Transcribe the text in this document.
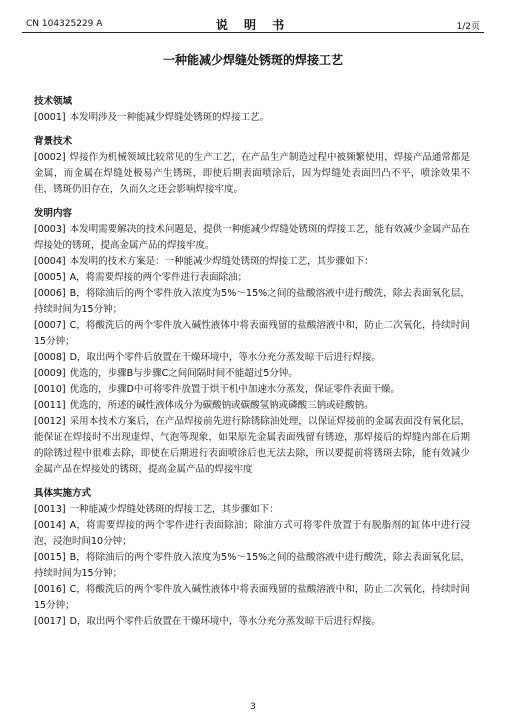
CN 104325229 A	说 明 书	1/2页
一种能减少焊缝处锈斑的焊接工艺
技术领域
[0001] 本发明涉及一种能减少焊缝处锈斑的焊接工艺。
背景技术
[0002] 焊接作为机械领域比较常见的生产工艺，在产品生产制造过程中被频繁使用，焊接产品通常都是金属，而金属在焊缝处极易产生锈斑，即使后期表面喷涂后，因为焊缝处表面凹凸不平，喷涂效果不佳，锈斑仍旧存在，久而久之还会影响焊接牢度。
发明内容
[0003] 本发明需要解决的技术问题是，提供一种能减少焊缝处锈斑的焊接工艺，能有效减少金属产品在焊接处的锈斑，提高金属产品的焊接牢度。
[0004] 本发明的技术方案是：一种能减少焊缝处锈斑的焊接工艺，其步骤如下：
[0005] A，将需要焊接的两个零件进行表面除油；
[0006] B，将除油后的两个零件放入浓度为5%～15%之间的盐酸溶液中进行酸洗，除去表面氧化层，持续时间为15分钟；
[0007] C，将酸洗后的两个零件放入碱性液体中将表面残留的盐酸溶液中和，防止二次氧化，持续时间15分钟；
[0008] D，取出两个零件后放置在干燥环境中，等水分充分蒸发晾干后进行焊接。
[0009] 优选的，步骤B与步骤C之间间隔时间不能超过5分钟。
[0010] 优选的，步骤D中可将零件放置于烘干机中加速水分蒸发，保证零件表面干燥。
[0011] 优选的，所述的碱性液体成分为碳酸钠或碳酸氢钠或磷酸三钠或硅酸钠。
[0012] 采用本技术方案后，在产品焊接前先进行除锈除油处理，以保证焊接前的金属表面没有氧化层，能保证在焊接时不出现虚焊、气泡等现象，如果原先金属表面残留有锈迹，那焊接后的焊缝内部在后期的除锈过程中很难去除，即使在后期进行表面喷涂后也无法去除，所以要提前将锈斑去除，能有效减少金属产品在焊接处的锈斑，提高金属产品的焊接牢度
具体实施方式
[0013] 一种能减少焊缝处锈斑的焊接工艺，其步骤如下：
[0014] A，将需要焊接的两个零件进行表面除油；除油方式可将零件放置于有脱脂剂的缸体中进行浸泡，浸泡时间10分钟；
[0015] B，将除油后的两个零件放入浓度为5%～15%之间的盐酸溶液中进行酸洗，除去表面氧化层，持续时间为15分钟；
[0016] C，将酸洗后的两个零件放入碱性液体中将表面残留的盐酸溶液中和，防止二次氧化，持续时间15分钟；
[0017] D，取出两个零件后放置在干燥环境中，等水分充分蒸发晾干后进行焊接。
3
